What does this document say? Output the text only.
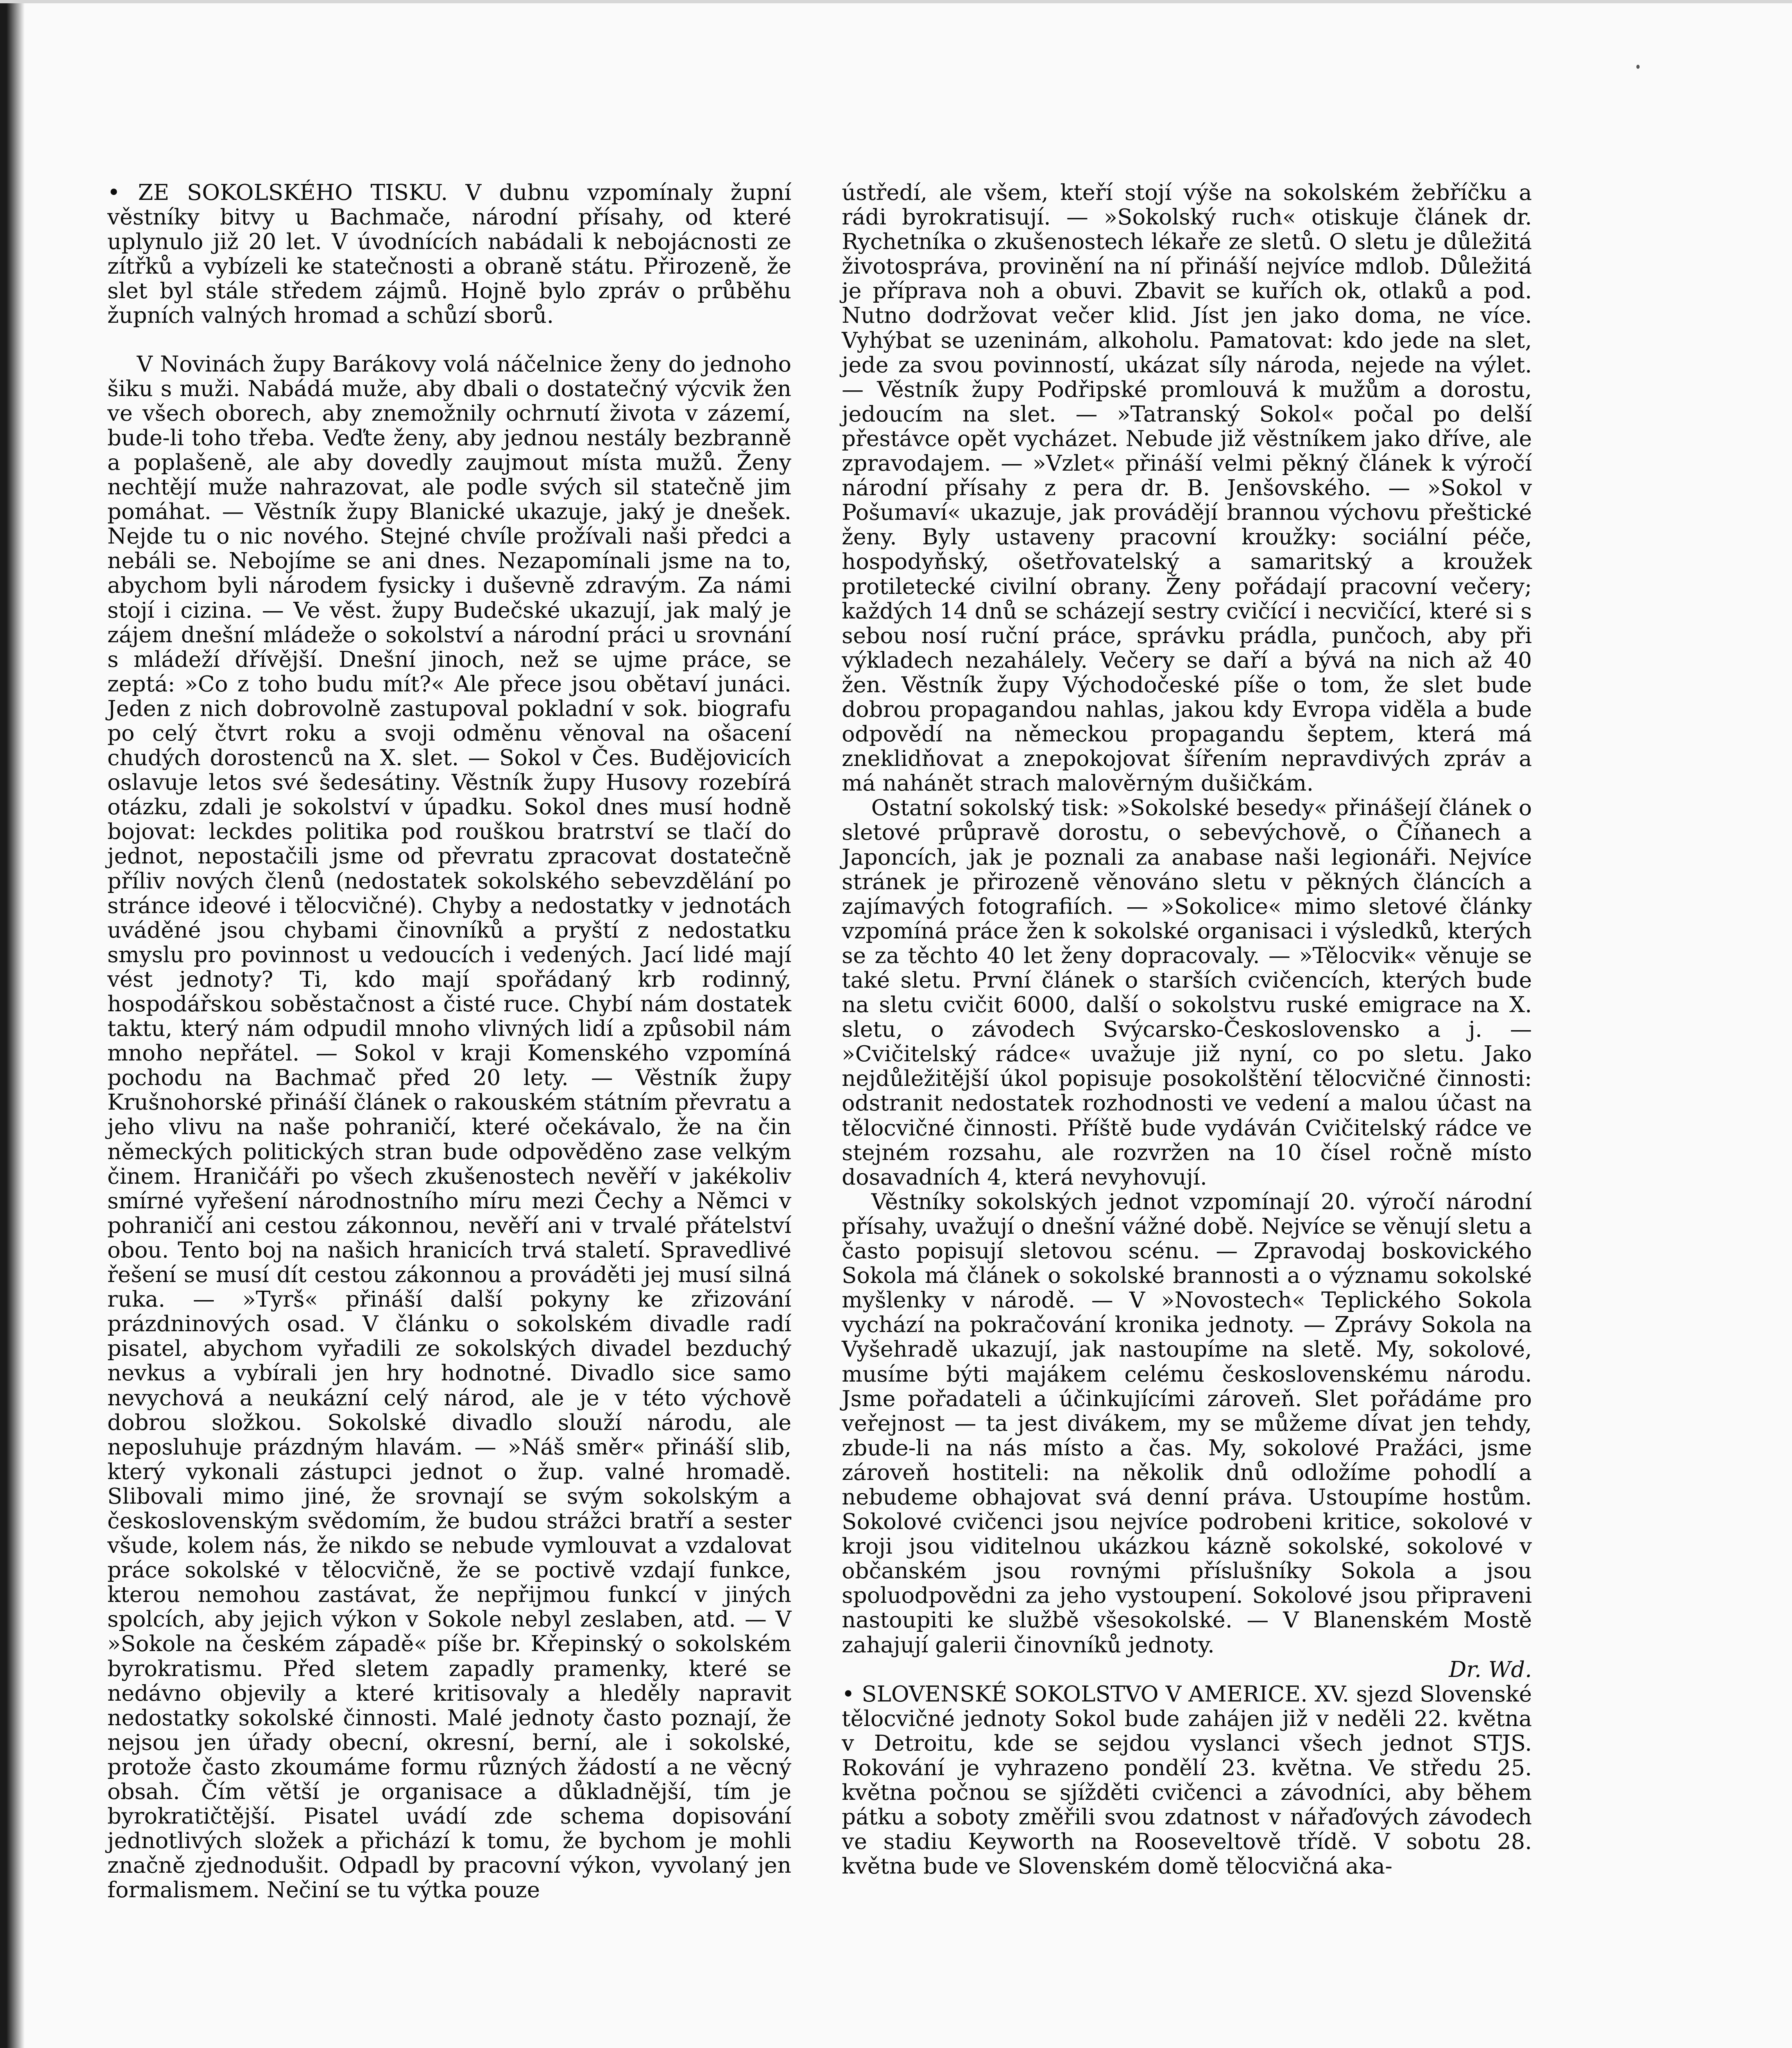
• ZE SOKOLSKÉHO TISKU. V dubnu vzpomínaly župní věstníky bitvy u Bachmače, národní přísahy, od které uplynulo již 20 let. V úvodnících nabádali k nebojácnosti ze zítřků a vybízeli ke statečnosti a obraně státu. Přirozeně, že slet byl stále středem zájmů. Hojně bylo zpráv o průběhu župních valných hromad a schůzí sborů.

V Novinách župy Barákovy volá náčelnice ženy do jednoho šiku s muži. Nabádá muže, aby dbali o dostatečný výcvik žen ve všech oborech, aby znemožnily ochrnutí života v zázemí, bude-li toho třeba. Veďte ženy, aby jednou nestály bezbranně a poplašeně, ale aby dovedly zaujmout místa mužů. Ženy nechtějí muže nahrazovat, ale podle svých sil statečně jim pomáhat. — Věstník župy Blanické ukazuje, jaký je dnešek. Nejde tu o nic nového. Stejné chvíle prožívali naši předci a nebáli se. Nebojíme se ani dnes. Nezapomínali jsme na to, abychom byli národem fysicky i duševně zdravým. Za námi stojí i cizina. — Ve věst. župy Budečské ukazují, jak malý je zájem dnešní mládeže o sokolství a národní práci u srovnání s mládeží dřívější. Dnešní jinoch, než se ujme práce, se zeptá: »Co z toho budu mít?« Ale přece jsou obětaví junáci. Jeden z nich dobrovolně zastupoval pokladní v sok. biografu po celý čtvrt roku a svoji odměnu věnoval na ošacení chudých dorostenců na X. slet. — Sokol v Čes. Budějovicích oslavuje letos své šedesátiny. Věstník župy Husovy rozebírá otázku, zdali je sokolství v úpadku. Sokol dnes musí hodně bojovat: leckdes politika pod rouškou bratrství se tlačí do jednot, nepostačili jsme od převratu zpracovat dostatečně příliv nových členů (nedostatek sokolského sebevzdělání po stránce ideové i tělocvičné). Chyby a nedostatky v jednotách uváděné jsou chybami činovníků a pryští z nedostatku smyslu pro povinnost u vedoucích i vedených. Jací lidé mají vést jednoty? Ti, kdo mají spořádaný krb rodinný, hospodářskou soběstačnost a čisté ruce. Chybí nám dostatek taktu, který nám odpudil mnoho vlivných lidí a způsobil nám mnoho nepřátel. — Sokol v kraji Komenského vzpomíná pochodu na Bachmač před 20 lety. — Věstník župy Krušnohorské přináší článek o rakouském státním převratu a jeho vlivu na naše pohraničí, které očekávalo, že na čin německých politických stran bude odpověděno zase velkým činem. Hraničáři po všech zkušenostech nevěří v jakékoliv smírné vyřešení národnostního míru mezi Čechy a Němci v pohraničí ani cestou zákonnou, nevěří ani v trvalé přátelství obou. Tento boj na našich hranicích trvá staletí. Spravedlivé řešení se musí dít cestou zákonnou a prováděti jej musí silná ruka. — »Tyrš« přináší další pokyny ke zřizování prázdninových osad. V článku o sokolském divadle radí pisatel, abychom vyřadili ze sokolských divadel bezduchý nevkus a vybírali jen hry hodnotné. Divadlo sice samo nevychová a neukázní celý národ, ale je v této výchově dobrou složkou. Sokolské divadlo slouží národu, ale neposluhuje prázdným hlavám. — »Náš směr« přináší slib, který vykonali zástupci jednot o žup. valné hromadě. Slibovali mimo jiné, že srovnají se svým sokolským a československým svědomím, že budou strážci bratří a sester všude, kolem nás, že nikdo se nebude vymlouvat a vzdalovat práce sokolské v tělocvičně, že se poctivě vzdají funkce, kterou nemohou zastávat, že nepřijmou funkcí v jiných spolcích, aby jejich výkon v Sokole nebyl zeslaben, atd. — V »Sokole na českém západě« píše br. Křepinský o sokolském byrokratismu. Před sletem zapadly pramenky, které se nedávno objevily a které kritisovaly a hleděly napravit nedostatky sokolské činnosti. Malé jednoty často poznají, že nejsou jen úřady obecní, okresní, berní, ale i sokolské, protože často zkoumáme formu různých žádostí a ne věcný obsah. Čím větší je organisace a důkladnější, tím je byrokratičtější. Pisatel uvádí zde schema dopisování jednotlivých složek a přichází k tomu, že bychom je mohli značně zjednodušit. Odpadl by pracovní výkon, vyvolaný jen formalismem. Nečiní se tu výtka pouze

ústředí, ale všem, kteří stojí výše na sokolském žebříčku a rádi byrokratisují. — »Sokolský ruch« otiskuje článek dr. Rychetníka o zkušenostech lékaře ze sletů. O sletu je důležitá životospráva, provinění na ní přináší nejvíce mdlob. Důležitá je příprava noh a obuvi. Zbavit se kuřích ok, otlaků a pod. Nutno dodržovat večer klid. Jíst jen jako doma, ne více. Vyhýbat se uzeninám, alkoholu. Pamatovat: kdo jede na slet, jede za svou povinností, ukázat síly národa, nejede na výlet. — Věstník župy Podřipské promlouvá k mužům a dorostu, jedoucím na slet. — »Tatranský Sokol« počal po delší přestávce opět vycházet. Nebude již věstníkem jako dříve, ale zpravodajem. — »Vzlet« přináší velmi pěkný článek k výročí národní přísahy z pera dr. B. Jenšovského. — »Sokol v Pošumaví« ukazuje, jak provádějí brannou výchovu přeštické ženy. Byly ustaveny pracovní kroužky: sociální péče, hospodyňský, ošetřovatelský a samaritský a kroužek protiletecké civilní obrany. Ženy pořádají pracovní večery; každých 14 dnů se scházejí sestry cvičící i necvičící, které si s sebou nosí ruční práce, správku prádla, punčoch, aby při výkladech nezahálely. Večery se daří a bývá na nich až 40 žen. Věstník župy Východočeské píše o tom, že slet bude dobrou propagandou nahlas, jakou kdy Evropa viděla a bude odpovědí na německou propagandu šeptem, která má zneklidňovat a znepokojovat šířením nepravdivých zpráv a má nahánět strach malověrným dušičkám.

Ostatní sokolský tisk: »Sokolské besedy« přinášejí článek o sletové průpravě dorostu, o sebevýchově, o Číňanech a Japoncích, jak je poznali za anabase naši legionáři. Nejvíce stránek je přirozeně věnováno sletu v pěkných článcích a zajímavých fotografiích. — »Sokolice« mimo sletové články vzpomíná práce žen k sokolské organisaci i výsledků, kterých se za těchto 40 let ženy dopracovaly. — »Tělocvik« věnuje se také sletu. První článek o starších cvičencích, kterých bude na sletu cvičit 6000, další o sokolstvu ruské emigrace na X. sletu, o závodech Svýcarsko-Československo a j. — »Cvičitelský rádce« uvažuje již nyní, co po sletu. Jako nejdůležitější úkol popisuje posokolštění tělocvičné činnosti: odstranit nedostatek rozhodnosti ve vedení a malou účast na tělocvičné činnosti. Příště bude vydáván Cvičitelský rádce ve stejném rozsahu, ale rozvržen na 10 čísel ročně místo dosavadních 4, která nevyhovují.

Věstníky sokolských jednot vzpomínají 20. výročí národní přísahy, uvažují o dnešní vážné době. Nejvíce se věnují sletu a často popisují sletovou scénu. — Zpravodaj boskovického Sokola má článek o sokolské brannosti a o významu sokolské myšlenky v národě. — V »Novostech« Teplického Sokola vychází na pokračování kronika jednoty. — Zprávy Sokola na Vyšehradě ukazují, jak nastoupíme na sletě. My, sokolové, musíme býti majákem celému československému národu. Jsme pořadateli a účinkujícími zároveň. Slet pořádáme pro veřejnost — ta jest divákem, my se můžeme dívat jen tehdy, zbude-li na nás místo a čas. My, sokolové Pražáci, jsme zároveň hostiteli: na několik dnů odložíme pohodlí a nebudeme obhajovat svá denní práva. Ustoupíme hostům. Sokolové cvičenci jsou nejvíce podrobeni kritice, sokolové v kroji jsou viditelnou ukázkou kázně sokolské, sokolové v občanském jsou rovnými příslušníky Sokola a jsou spoluodpovědni za jeho vystoupení. Sokolové jsou připraveni nastoupiti ke službě všesokolské. — V Blanenském Mostě zahajují galerii činovníků jednoty.

Dr. Wd.

• SLOVENSKÉ SOKOLSTVO V AMERICE. XV. sjezd Slovenské tělocvičné jednoty Sokol bude zahájen již v neděli 22. května v Detroitu, kde se sejdou vyslanci všech jednot STJS. Rokování je vyhrazeno pondělí 23. května. Ve středu 25. května počnou se sjížděti cvičenci a závodníci, aby během pátku a soboty změřili svou zdatnost v nářaďových závodech ve stadiu Keyworth na Rooseveltově třídě. V sobotu 28. května bude ve Slovenském domě tělocvičná aka-
